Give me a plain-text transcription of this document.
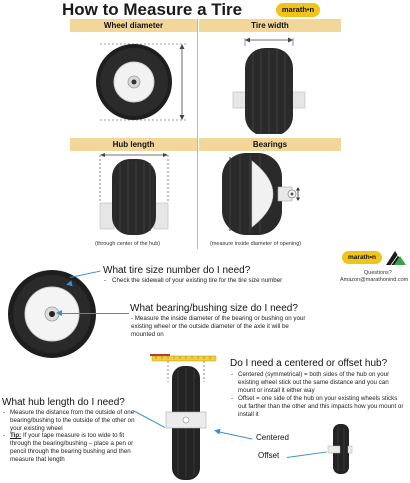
How to Measure a Tire	marath•n
Wheel diameter	Tire width
Hub length	Bearings
(through center of the hub)	(measure inside diameter of opening)
marath•n
Questions?
Amazon@marathonind.com
What tire size number do I need?
- Check the sidewall of your existing tire for the tire size number
What bearing/bushing size do I need?
- Measure the inside diameter of the bearing or bushing on your existing wheel or the outside diameter of the axle it will be mounted on
Do I need a centered or offset hub?
- Centered (symmetrical) = both sides of the hub on your existing wheel stick out the same distance and you can mount or install it either way
- Offset = one side of the hub on your existing wheels sticks out farther than the other and this impacts how you mount or install it
What hub length do I need?
- Measure the distance from the outside of one bearing/bushing to the outside of the other on your existing wheel
- Tip: If your tape measure is too wide to fit through the bearing/bushing – place a pen or pencil through the bearing bushing and then measure that length
Centered
Offset
